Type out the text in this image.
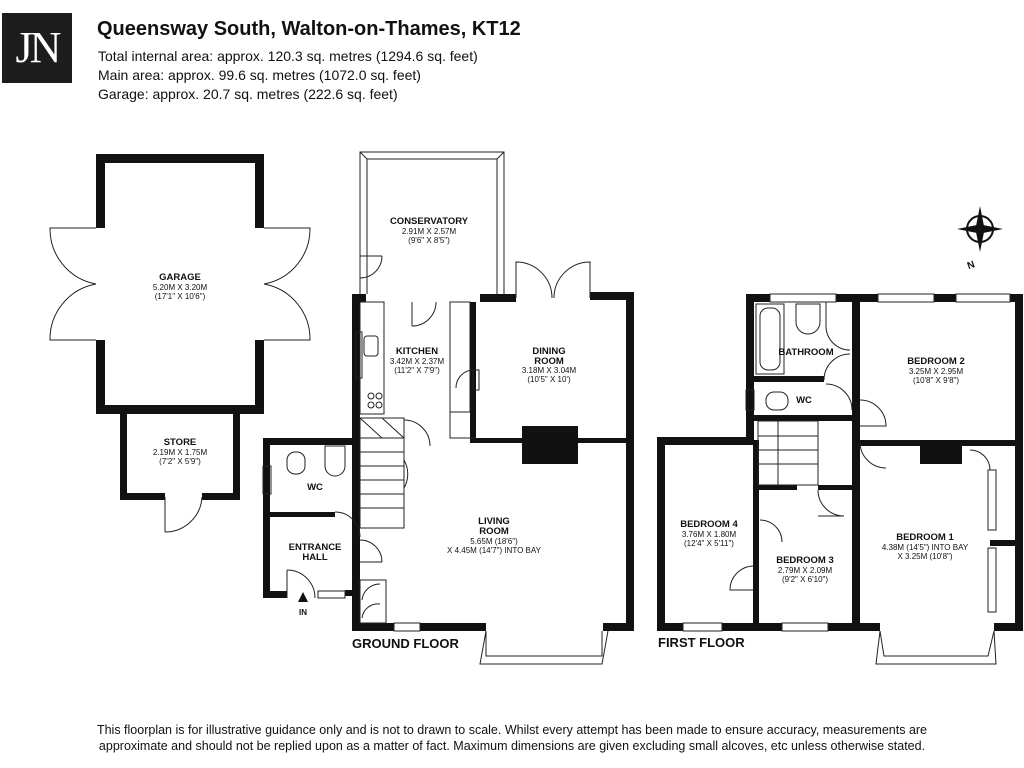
JN Queensway South, Walton-on-Thames, KT12
Total internal area: approx. 120.3 sq. metres (1294.6 sq. feet)
Main area: approx. 99.6 sq. metres (1072.0 sq. feet)
Garage: approx. 20.7 sq. metres (222.6 sq. feet)
N
GARAGE
5.20M X 3.20M
(17'1" X 10'6")
STORE
2.19M X 1.75M
(7'2" X 5'9")
CONSERVATORY
2.91M X 2.57M
(9'6" X 8'5")
KITCHEN
3.42M X 2.37M
(11'2" X 7'9")
DINING
ROOM
3.18M X 3.04M
(10'5" X 10')
LIVING
ROOM
5.65M (18'6")
X 4.45M (14'7") INTO BAY
WC
ENTRANCE
HALL
IN
BATHROOM
WC
BEDROOM 2
3.25M X 2.95M
(10'8" X 9'8")
BEDROOM 4
3.76M X 1.80M
(12'4" X 5'11")
BEDROOM 3
2.79M X 2.09M
(9'2" X 6'10")
BEDROOM 1
4.38M (14'5") INTO BAY
X 3.25M (10'8")
GROUND FLOOR	FIRST FLOOR
This floorplan is for illustrative guidance only and is not to drawn to scale. Whilst every attempt has been made to ensure accuracy, measurements are
approximate and should not be replied upon as a matter of fact. Maximum dimensions are given excluding small alcoves, etc unless otherwise stated.
